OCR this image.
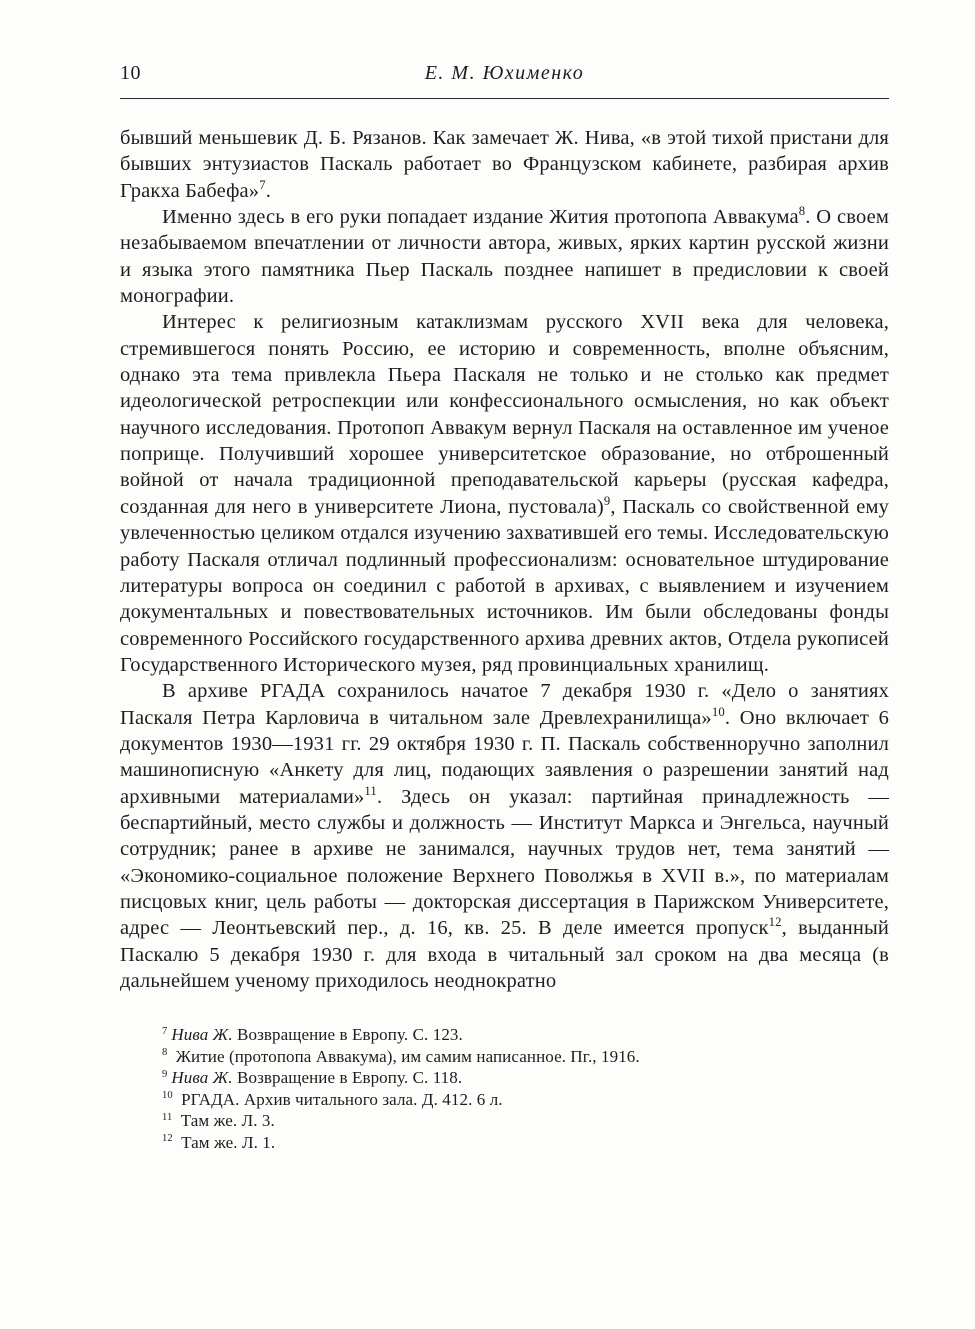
10	Е. М. Юхименко

бывший меньшевик Д. Б. Рязанов. Как замечает Ж. Нива, «в этой тихой пристани для бывших энтузиастов Паскаль работает во Французском кабинете, разбирая архив Гракха Бабефа»$^7$.

Именно здесь в его руки попадает издание Жития протопопа Аввакума$^8$. О своем незабываемом впечатлении от личности автора, живых, ярких картин русской жизни и языка этого памятника Пьер Паскаль позднее напишет в предисловии к своей монографии.

Интерес к религиозным катаклизмам русского XVII века для человека, стремившегося понять Россию, ее историю и современность, вполне объясним, однако эта тема привлекла Пьера Паскаля не только и не столько как предмет идеологической ретроспекции или конфессионального осмысления, но как объект научного исследования. Протопоп Аввакум вернул Паскаля на оставленное им ученое поприще. Получивший хорошее университетское образование, но отброшенный войной от начала традиционной преподавательской карьеры (русская кафедра, созданная для него в университете Лиона, пустовала)$^9$, Паскаль со свойственной ему увлеченностью целиком отдался изучению захватившей его темы. Исследовательскую работу Паскаля отличал подлинный профессионализм: основательное штудирование литературы вопроса он соединил с работой в архивах, с выявлением и изучением документальных и повествовательных источников. Им были обследованы фонды современного Российского государственного архива древних актов, Отдела рукописей Государственного Исторического музея, ряд провинциальных хранилищ.

В архиве РГАДА сохранилось начатое 7 декабря 1930 г. «Дело о занятиях Паскаля Петра Карловича в читальном зале Древлехранилища»$^{10}$. Оно включает 6 документов 1930—1931 гг. 29 октября 1930 г. П. Паскаль собственноручно заполнил машинописную «Анкету для лиц, подающих заявления о разрешении занятий над архивными материалами»$^{11}$. Здесь он указал: партийная принадлежность — беспартийный, место службы и должность — Институт Маркса и Энгельса, научный сотрудник; ранее в архиве не занимался, научных трудов нет, тема занятий — «Экономико-социальное положение Верхнего Поволжья в XVII в.», по материалам писцовых книг, цель работы — докторская диссертация в Парижском Университете, адрес — Леонтьевский пер., д. 16, кв. 25. В деле имеется пропуск$^{12}$, выданный Паскалю 5 декабря 1930 г. для входа в читальный зал сроком на два месяца (в дальнейшем ученому приходилось неоднократно

$^7$ Нива Ж. Возвращение в Европу. С. 123.

$^8$ Житие (протопопа Аввакума), им самим написанное. Пг., 1916.

$^9$ Нива Ж. Возвращение в Европу. С. 118.

$^{10}$ РГАДА. Архив читального зала. Д. 412. 6 л.

$^{11}$ Там же. Л. 3.

$^{12}$ Там же. Л. 1.
